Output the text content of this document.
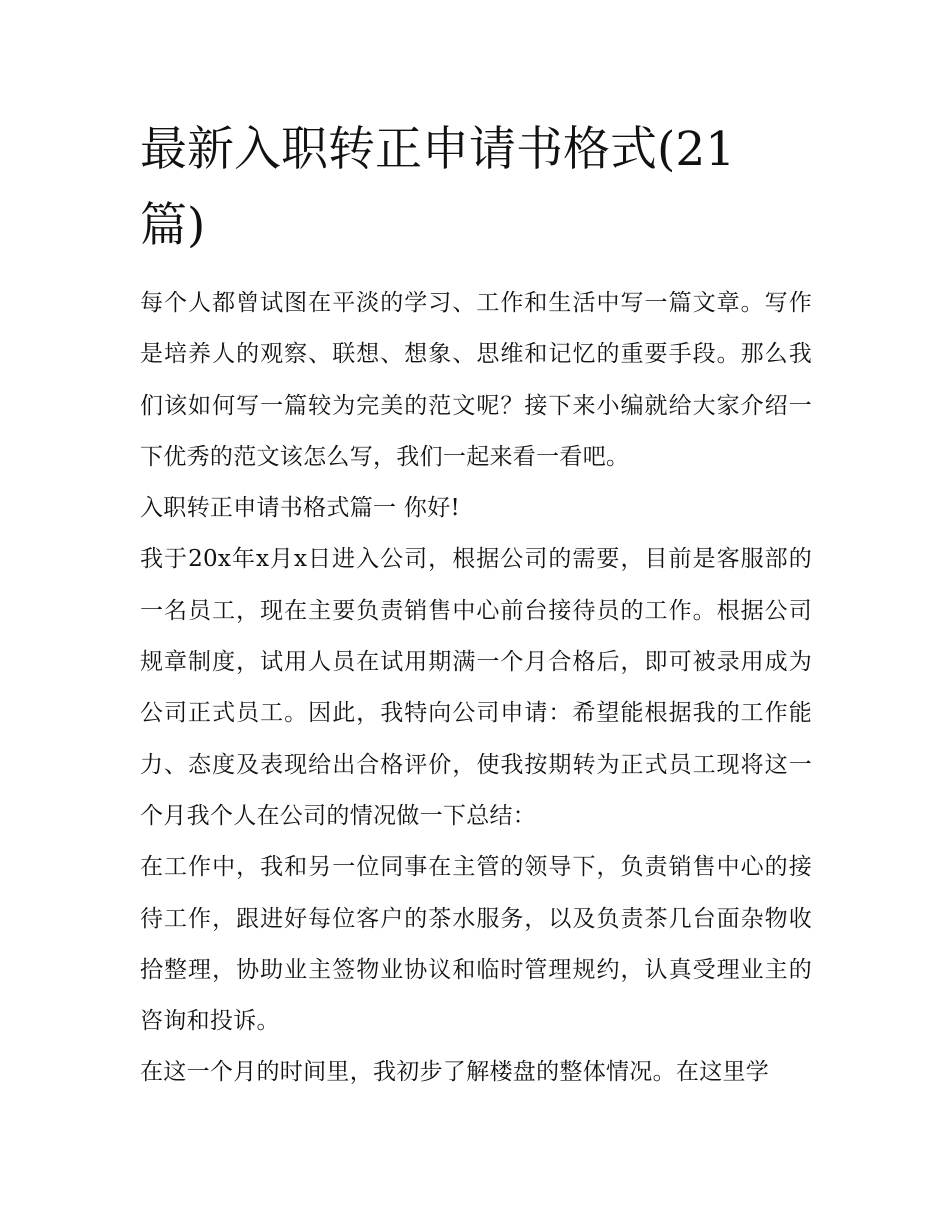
最新入职转正申请书格式(21
篇)

每个人都曾试图在平淡的学习、工作和生活中写一篇文章。写作是培养人的观察、联想、想象、思维和记忆的重要手段。那么我们该如何写一篇较为完美的范文呢？接下来小编就给大家介绍一下优秀的范文该怎么写，我们一起来看一看吧。

入职转正申请书格式篇一 你好!

我于20x年x月x日进入公司，根据公司的需要，目前是客服部的一名员工，现在主要负责销售中心前台接待员的工作。根据公司规章制度，试用人员在试用期满一个月合格后，即可被录用成为公司正式员工。因此，我特向公司申请：希望能根据我的工作能力、态度及表现给出合格评价，使我按期转为正式员工现将这一个月我个人在公司的情况做一下总结：

在工作中，我和另一位同事在主管的领导下，负责销售中心的接待工作，跟进好每位客户的茶水服务，以及负责茶几台面杂物收拾整理，协助业主签物业协议和临时管理规约，认真受理业主的咨询和投诉。

在这一个月的时间里，我初步了解楼盘的整体情况。在这里学
